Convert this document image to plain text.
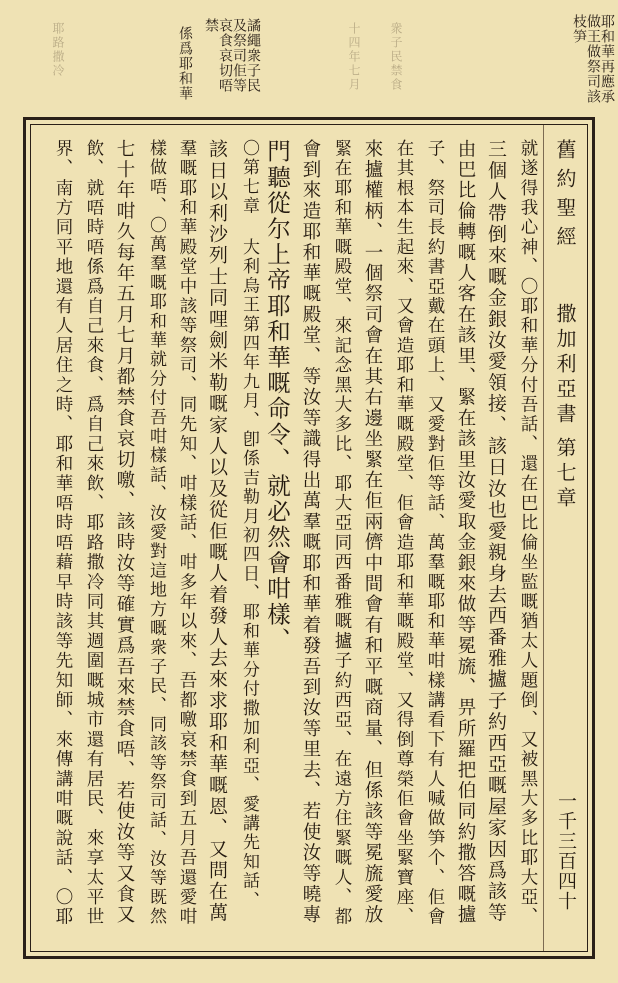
耶和華再應承做王做祭司該枝笋
譎繩衆子民及祭司佢等哀食哀切唔禁
係爲耶和華
耶路撒冷	衆子民禁食
十四年七月
舊約聖經
撒加利亞書
第七章
一千三百四十
就遂得我心神、〇耶和華分付吾話、還在巴比倫坐監嘅猶太人題倒、又被黑大多比耶大亞、
三個人帶倒來嘅金銀汝愛領接、該日汝也愛親身去西番雅攎子約西亞嘅屋家因爲該等
由巴比倫轉嘅人客在該里、緊在該里汝愛取金銀來做等冕旒、畀所羅把伯同約撒答嘅攎
子、祭司長約書亞戴在頭上、又愛對佢等話、萬羣嘅耶和華咁樣講看下有人喊做笋个、佢會
在其根本生起來、又會造耶和華嘅殿堂、佢會造耶和華嘅殿堂、又得倒尊榮佢會坐緊寶座、
來攎權柄、一個祭司會在其右邊坐緊在佢兩儕中間會有和平嘅商量、但係該等冕旒愛放
緊在耶和華嘅殿堂、來記念黑大多比、耶大亞同西番雅嘅攎子約西亞、在遠方住緊嘅人、都
會到來造耶和華嘅殿堂、等汝等識得出萬羣嘅耶和華着發吾到汝等里去、若使汝等曉專
門聽從尔上帝耶和華嘅命令、就必然會咁樣、
〇第七章 大利烏王第四年九月、卽係吉勒月初四日、耶和華分付撒加利亞、愛講先知話、
該日以利沙列士同哩劍米勒嘅家人以及從佢嘅人着發人去來求耶和華嘅恩、又問在萬
羣嘅耶和華殿堂中該等祭司、同先知、咁樣話、咁多年以來、吾都噭哀禁食到五月吾還愛咁
樣做唔、〇萬羣嘅耶和華就分付吾咁樣話、汝愛對這地方嘅衆子民、同該等祭司話、汝等既然
七十年咁久每年五月七月都禁食哀切噭、該時汝等確實爲吾來禁食唔、若使汝等又食又
飲、就唔時唔係爲自己來食、爲自己來飲、耶路撒冷同其週圍嘅城市還有居民、來享太平世
界、南方同平地還有人居住之時、耶和華唔時唔藉早時該等先知師、來傳講咁嘅說話、〇耶
